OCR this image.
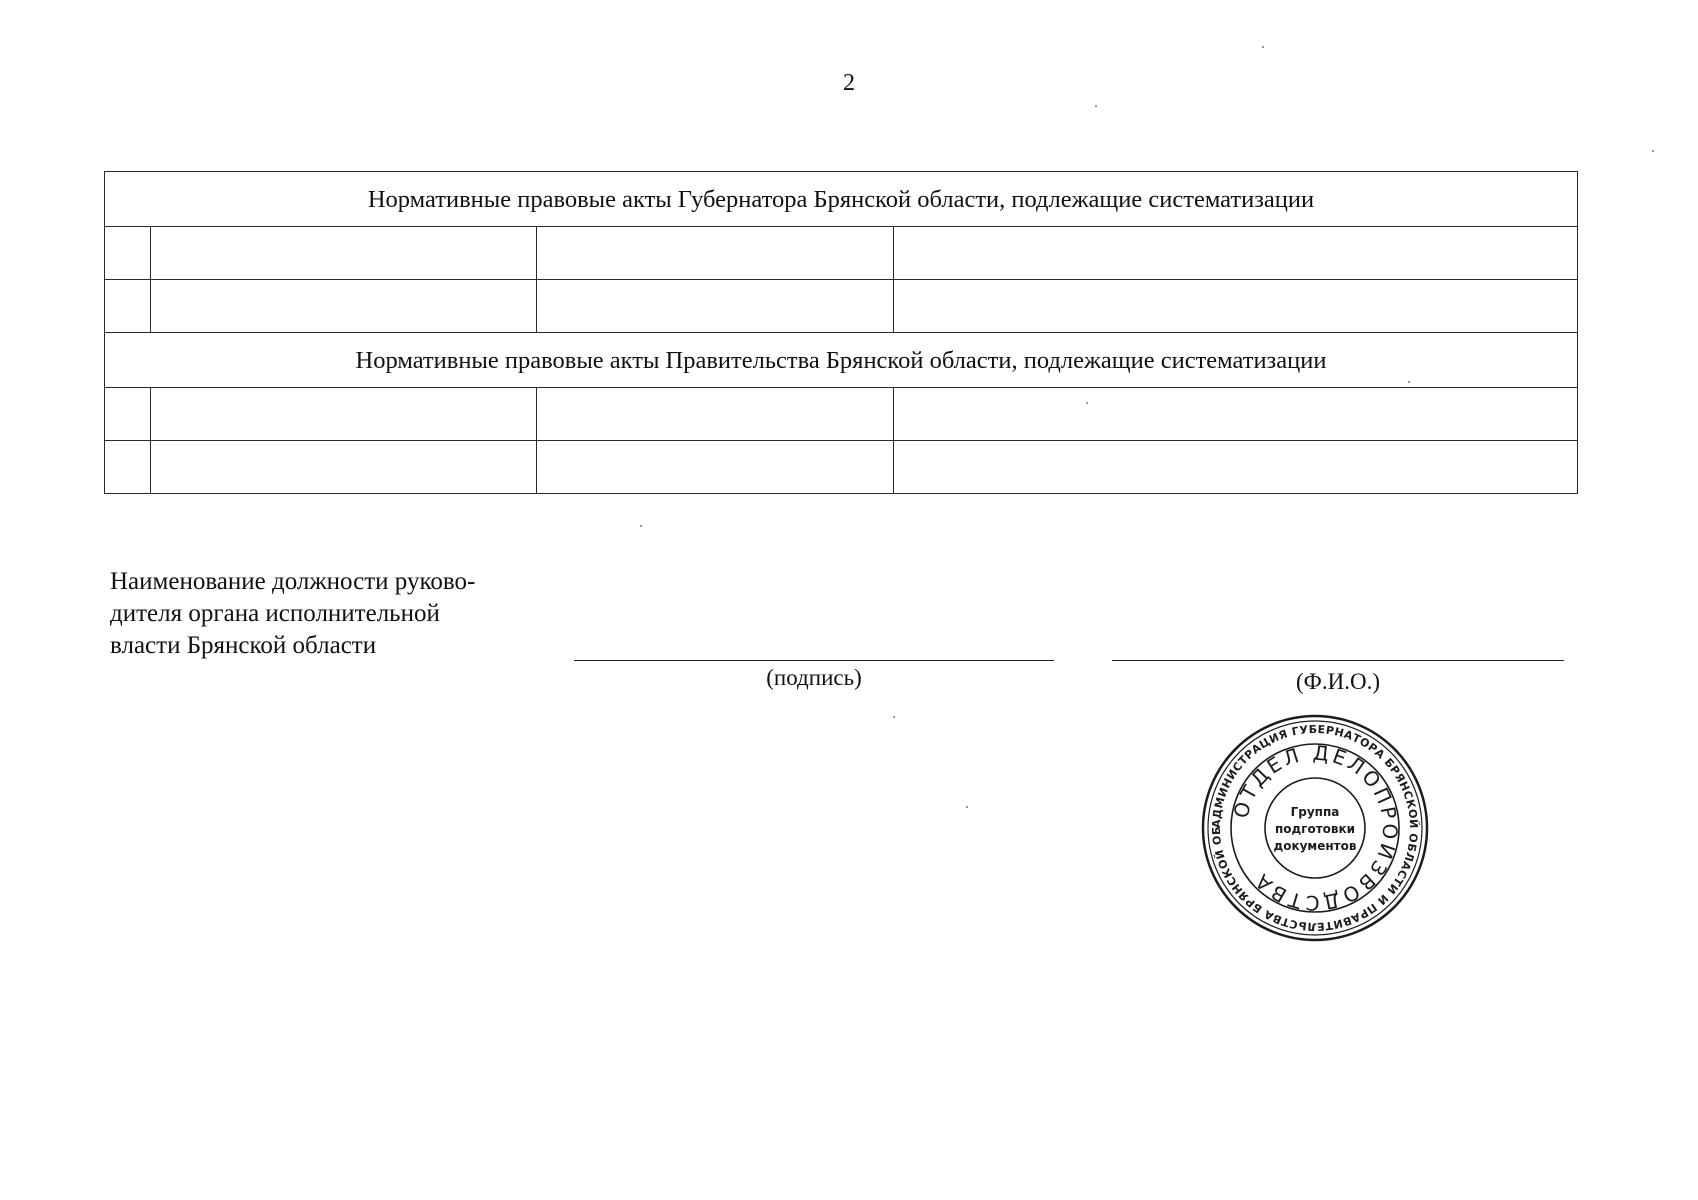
2
Нормативные правовые акты Губернатора Брянской области, подлежащие систематизации			

Нормативные правовые акты Правительства Брянской области, подлежащие систематизации			

Наименование должности руково-
дителя органа исполнительной
власти Брянской области
(подпись)	(Ф.И.О.)
АДМИНИСТРАЦИЯ ГУБЕРНАТОРА БРЯНСКОЙ ОБЛАСТИ И ПРАВИТЕЛЬСТВА БРЯНСКОЙ ОБ
ОТДЕЛ ДЕЛОПРОИЗВОДСТВА
Группа
подготовки
документов
